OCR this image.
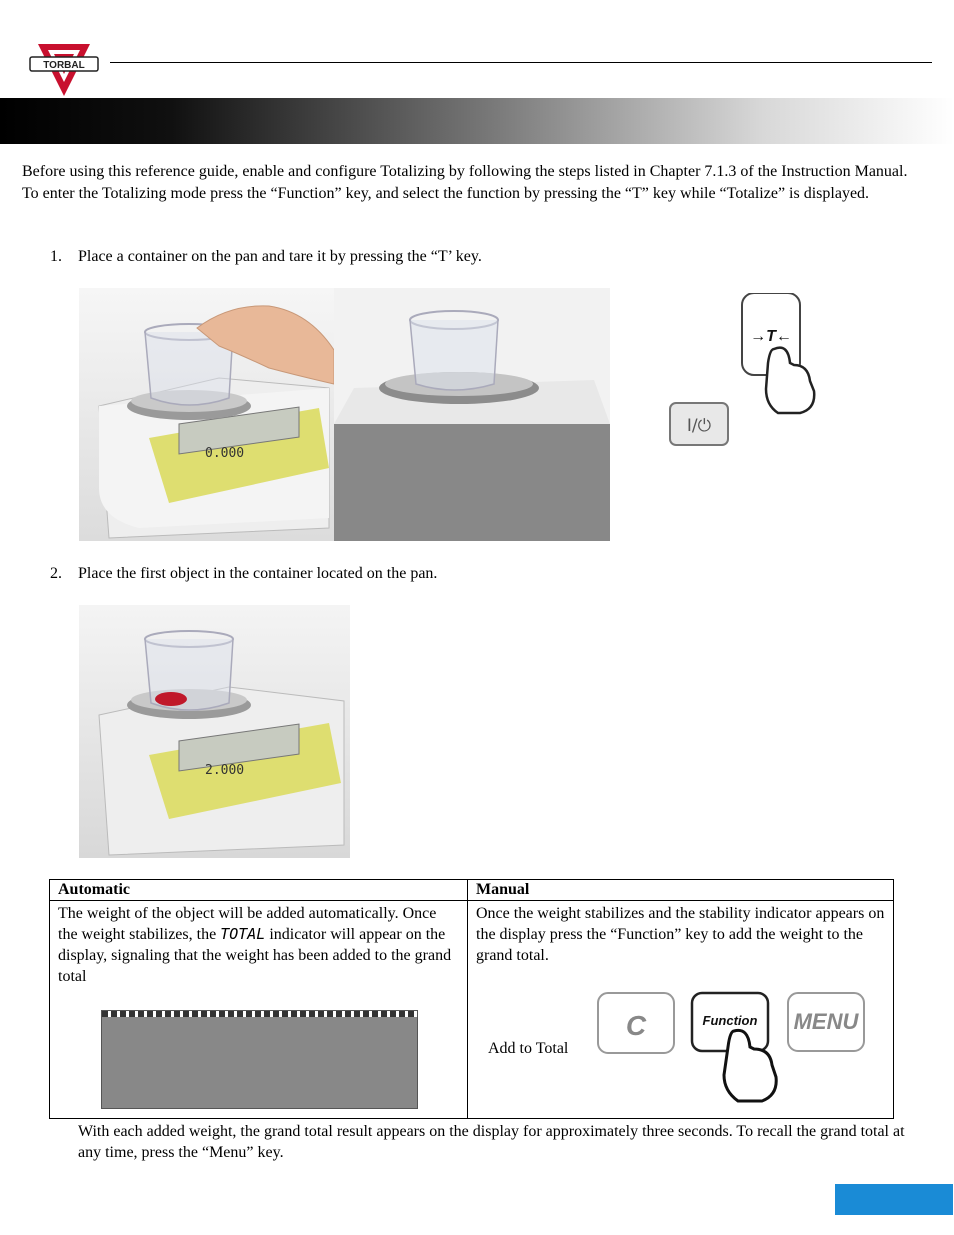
TORBAL
Before using this reference guide, enable and configure Totalizing by following the steps listed in Chapter 7.1.3 of the Instruction Manual. To enter the Totalizing mode press the “Function” key, and select the function by pressing the “T” key while “Totalize” is displayed.
1. Place a container on the pan and tare it by pressing the “T’ key.
0.000
→T←
I/⏻
2. Place the first object in the container located on the pan.
2.000
Automatic	Manual

The weight of the object will be added automatically. Once the weight stabilizes, the TOTAL indicator will appear on the display, signaling that the weight has been added to the grand total	Once the weight stabilizes and the stability indicator appears on the display press the “Function” key to add the weight to the grand total.
Add to Total
C Function MENU
With each added weight, the grand total result appears on the display for approximately three seconds. To recall the grand total at any time, press the “Menu” key.
